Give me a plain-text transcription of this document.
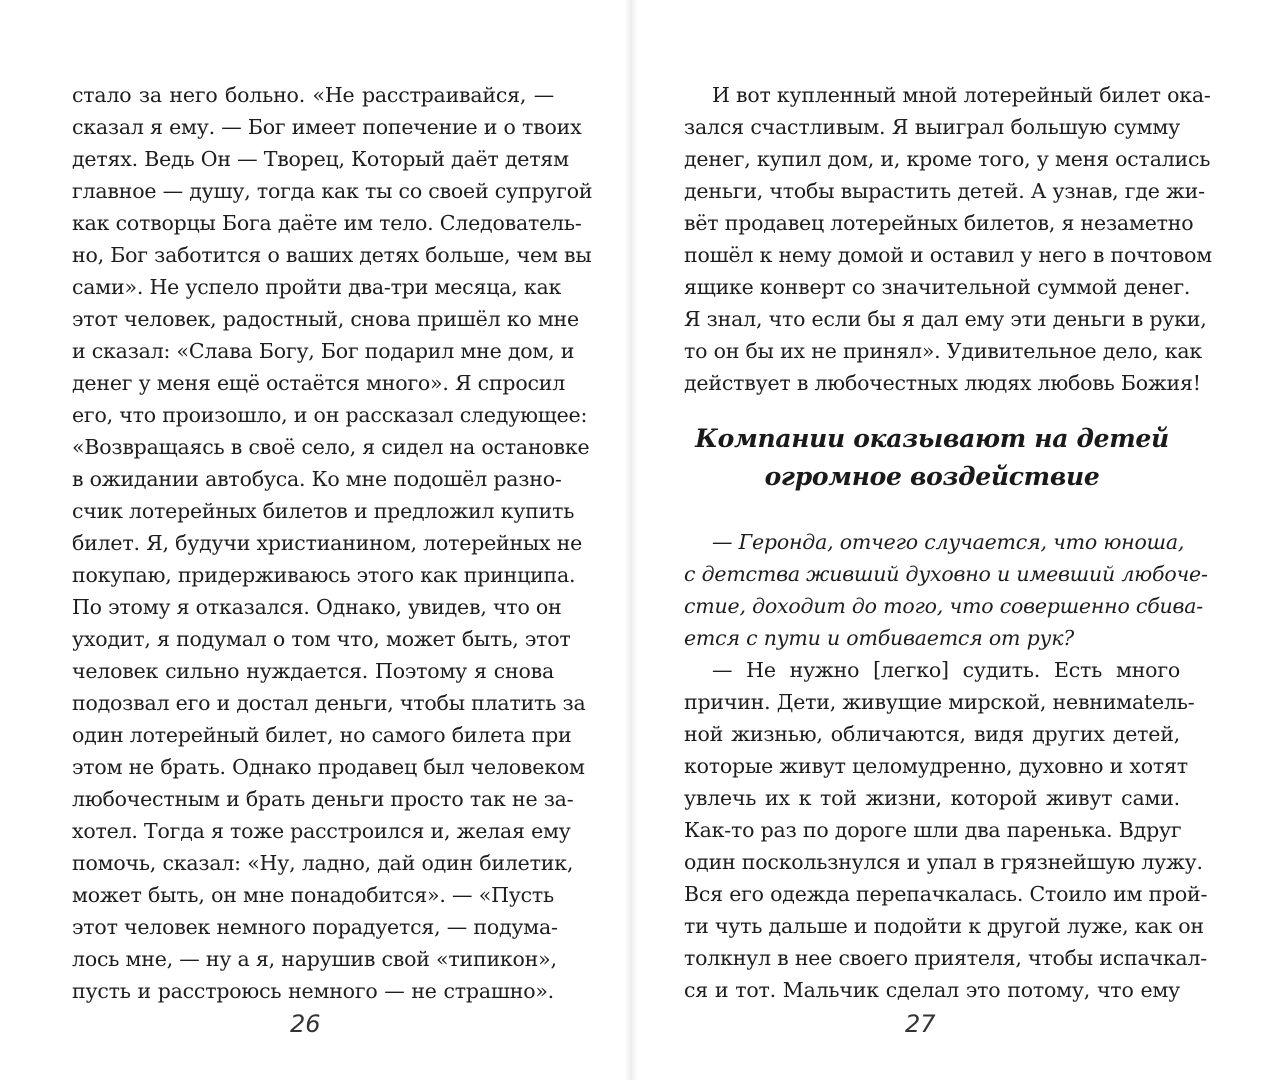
стало за него больно. «Не расстраивайся, —
сказал я ему. — Бог имеет попечение и о твоих
детях. Ведь Он — Творец, Который даёт детям
главное — душу, тогда как ты со своей супругой
как сотворцы Бога даёте им тело. Следователь-
но, Бог заботится о ваших детях больше, чем вы
сами». Не успело пройти два-три месяца, как
этот человек, радостный, снова пришёл ко мне
и сказал: «Слава Богу, Бог подарил мне дом, и
денег у меня ещё остаётся много». Я спросил
его, что произошло, и он рассказал следующее:
«Возвращаясь в своё село, я сидел на остановке
в ожидании автобуса. Ко мне подошёл разно-
счик лотерейных билетов и предложил купить
билет. Я, будучи христианином, лотерейных не
покупаю, придерживаюсь этого как принципа.
По этому я отказался. Однако, увидев, что он
уходит, я подумал о том что, может быть, этот
человек сильно нуждается. Поэтому я снова
подозвал его и достал деньги, чтобы платить за
один лотерейный билет, но самого билета при
этом не брать. Однако продавец был человеком
любочестным и брать деньги просто так не за-
хотел. Тогда я тоже расстроился и, желая ему
помочь, сказал: «Ну, ладно, дай один билетик,
может быть, он мне понадобится». — «Пусть
этот человек немного порадуется, — подума-
лось мне, — ну а я, нарушив свой «типикон»,
пусть и расстроюсь немного — не страшно».
26
И вот купленный мной лотерейный билет ока-
зался счастливым. Я выиграл большую сумму
денег, купил дом, и, кроме того, у меня остались
деньги, чтобы вырастить детей. А узнав, где жи-
вёт продавец лотерейных билетов, я незаметно
пошёл к нему домой и оставил у него в почтовом
ящике конверт со значительной суммой денег.
Я знал, что если бы я дал ему эти деньги в руки,
то он бы их не принял». Удивительное дело, как
действует в любочестных людях любовь Божия!
Компании оказывают на детей
огромное воздействие
— Геронда, отчего случается, что юноша,
с детства живший духовно и имевший любоче-
стие, доходит до того, что совершенно сбива-
ется с пути и отбивается от рук?
— Не нужно [легко] судить. Есть много
причин. Дети, живущие мирской, невнимatель-
ной жизнью, обличаются, видя других детей,
которые живут целомудренно, духовно и хотят
увлечь их к той жизни, которой живут сами.
Как-то раз по дороге шли два паренька. Вдруг
один поскользнулся и упал в грязнейшую лужу.
Вся его одежда перепачкалась. Стоило им прой-
ти чуть дальше и подойти к другой луже, как он
толкнул в нее своего приятеля, чтобы испачкал-
ся и тот. Мальчик сделал это потому, что ему
27
